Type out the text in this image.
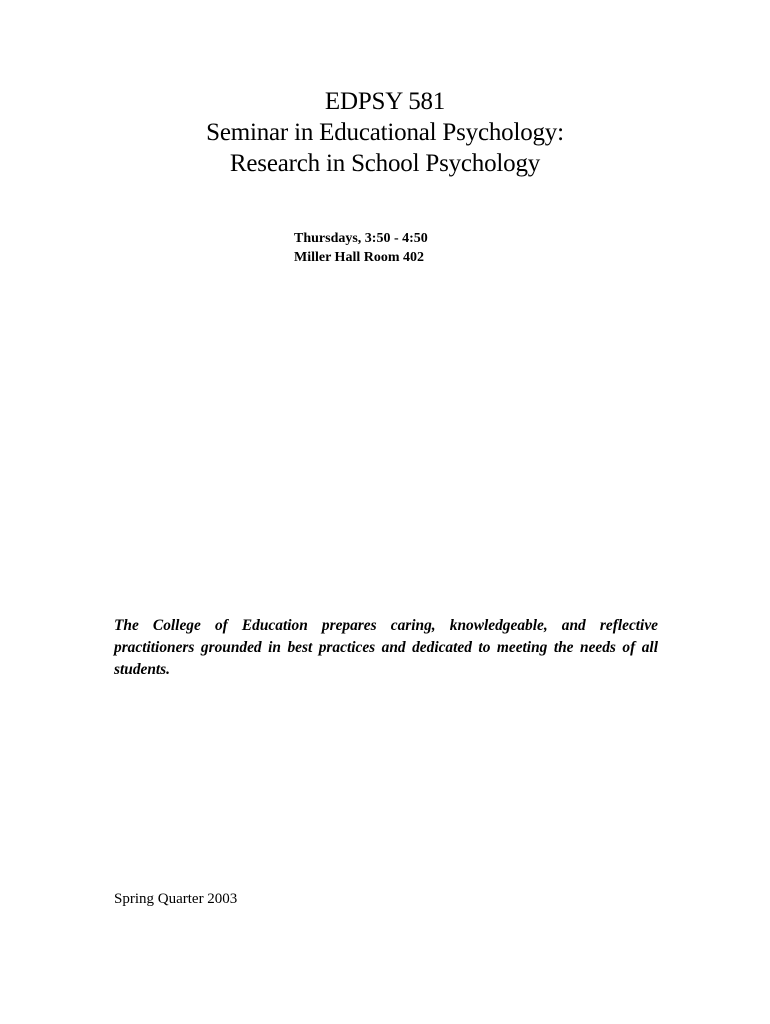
EDPSY 581
Seminar in Educational Psychology:
Research in School Psychology
Thursdays, 3:50 - 4:50
Miller Hall Room 402
The College of Education prepares caring, knowledgeable, and reflective practitioners grounded in best practices and dedicated to meeting the needs of all students.
Spring Quarter 2003
